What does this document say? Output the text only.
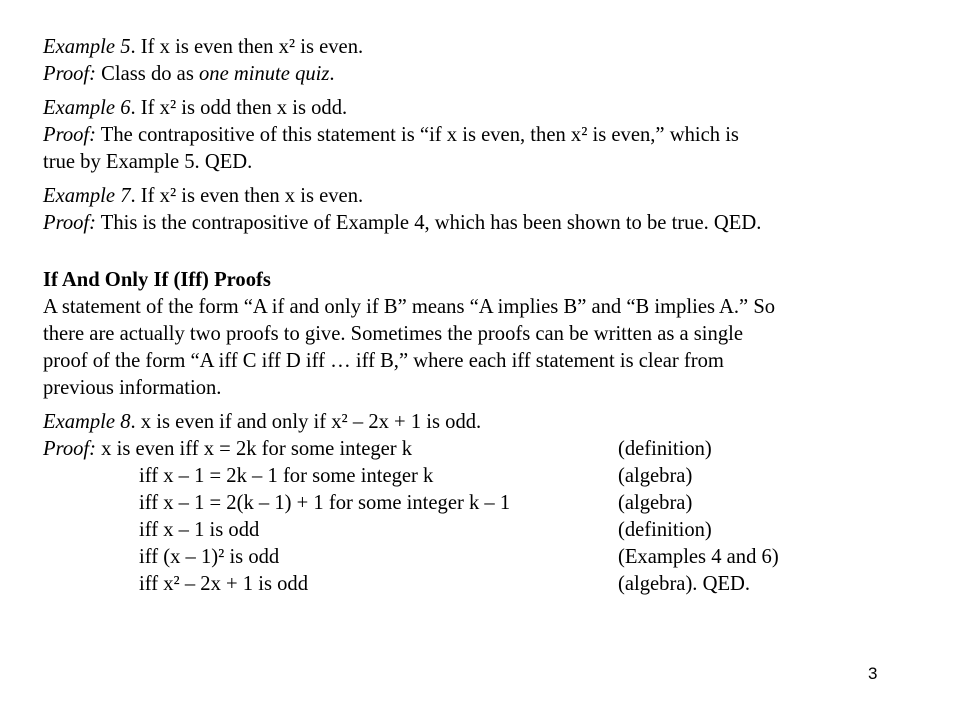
Example 5. If x is even then x² is even.
Proof: Class do as one minute quiz.
Example 6. If x² is odd then x is odd.
Proof: The contrapositive of this statement is “if x is even, then x² is even,” which is
true by Example 5. QED.
Example 7. If x² is even then x is even.
Proof: This is the contrapositive of Example 4, which has been shown to be true. QED.
If And Only If (Iff) Proofs
A statement of the form “A if and only if B” means “A implies B” and “B implies A.” So
there are actually two proofs to give. Sometimes the proofs can be written as a single
proof of the form “A iff C iff D iff … iff B,” where each iff statement is clear from
previous information.
Example 8. x is even if and only if x² – 2x + 1 is odd.
Proof: x is even iff x = 2k for some integer k	(definition)
iff x – 1 = 2k – 1 for some integer k	(algebra)
iff x – 1 = 2(k – 1) + 1 for some integer k – 1	(algebra)
iff x – 1 is odd	(definition)
iff (x – 1)² is odd	(Examples 4 and 6)
iff x² – 2x + 1 is odd	(algebra). QED.
3
